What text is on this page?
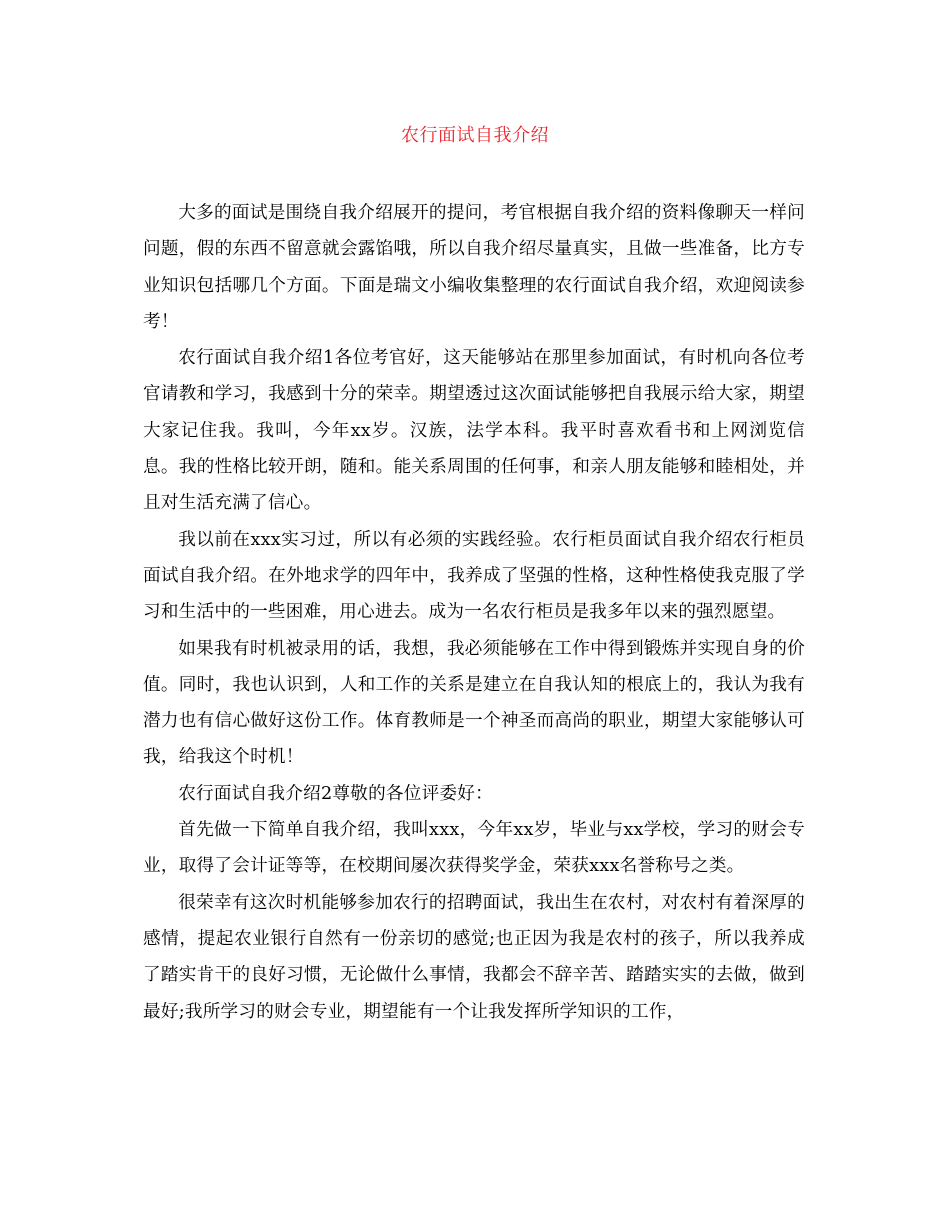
农行面试自我介绍

大多的面试是围绕自我介绍展开的提问，考官根据自我介绍的资料像聊天一样问问题，假的东西不留意就会露馅哦，所以自我介绍尽量真实，且做一些准备，比方专业知识包括哪几个方面。下面是瑞文小编收集整理的农行面试自我介绍，欢迎阅读参考！

农行面试自我介绍1各位考官好，这天能够站在那里参加面试，有时机向各位考官请教和学习，我感到十分的荣幸。期望透过这次面试能够把自我展示给大家，期望大家记住我。我叫，今年xx岁。汉族，法学本科。我平时喜欢看书和上网浏览信息。我的性格比较开朗，随和。能关系周围的任何事，和亲人朋友能够和睦相处，并且对生活充满了信心。

我以前在xxx实习过，所以有必须的实践经验。农行柜员面试自我介绍农行柜员面试自我介绍。在外地求学的四年中，我养成了坚强的性格，这种性格使我克服了学习和生活中的一些困难，用心进去。成为一名农行柜员是我多年以来的强烈愿望。

如果我有时机被录用的话，我想，我必须能够在工作中得到锻炼并实现自身的价值。同时，我也认识到，人和工作的关系是建立在自我认知的根底上的，我认为我有潜力也有信心做好这份工作。体育教师是一个神圣而高尚的职业，期望大家能够认可我，给我这个时机！

农行面试自我介绍2尊敬的各位评委好：

首先做一下简单自我介绍，我叫xxx，今年xx岁，毕业与xx学校，学习的财会专业，取得了会计证等等，在校期间屡次获得奖学金，荣获xxx名誉称号之类。

很荣幸有这次时机能够参加农行的招聘面试，我出生在农村，对农村有着深厚的感情，提起农业银行自然有一份亲切的感觉;也正因为我是农村的孩子，所以我养成了踏实肯干的良好习惯，无论做什么事情，我都会不辞辛苦、踏踏实实的去做，做到最好;我所学习的财会专业，期望能有一个让我发挥所学知识的工作，
